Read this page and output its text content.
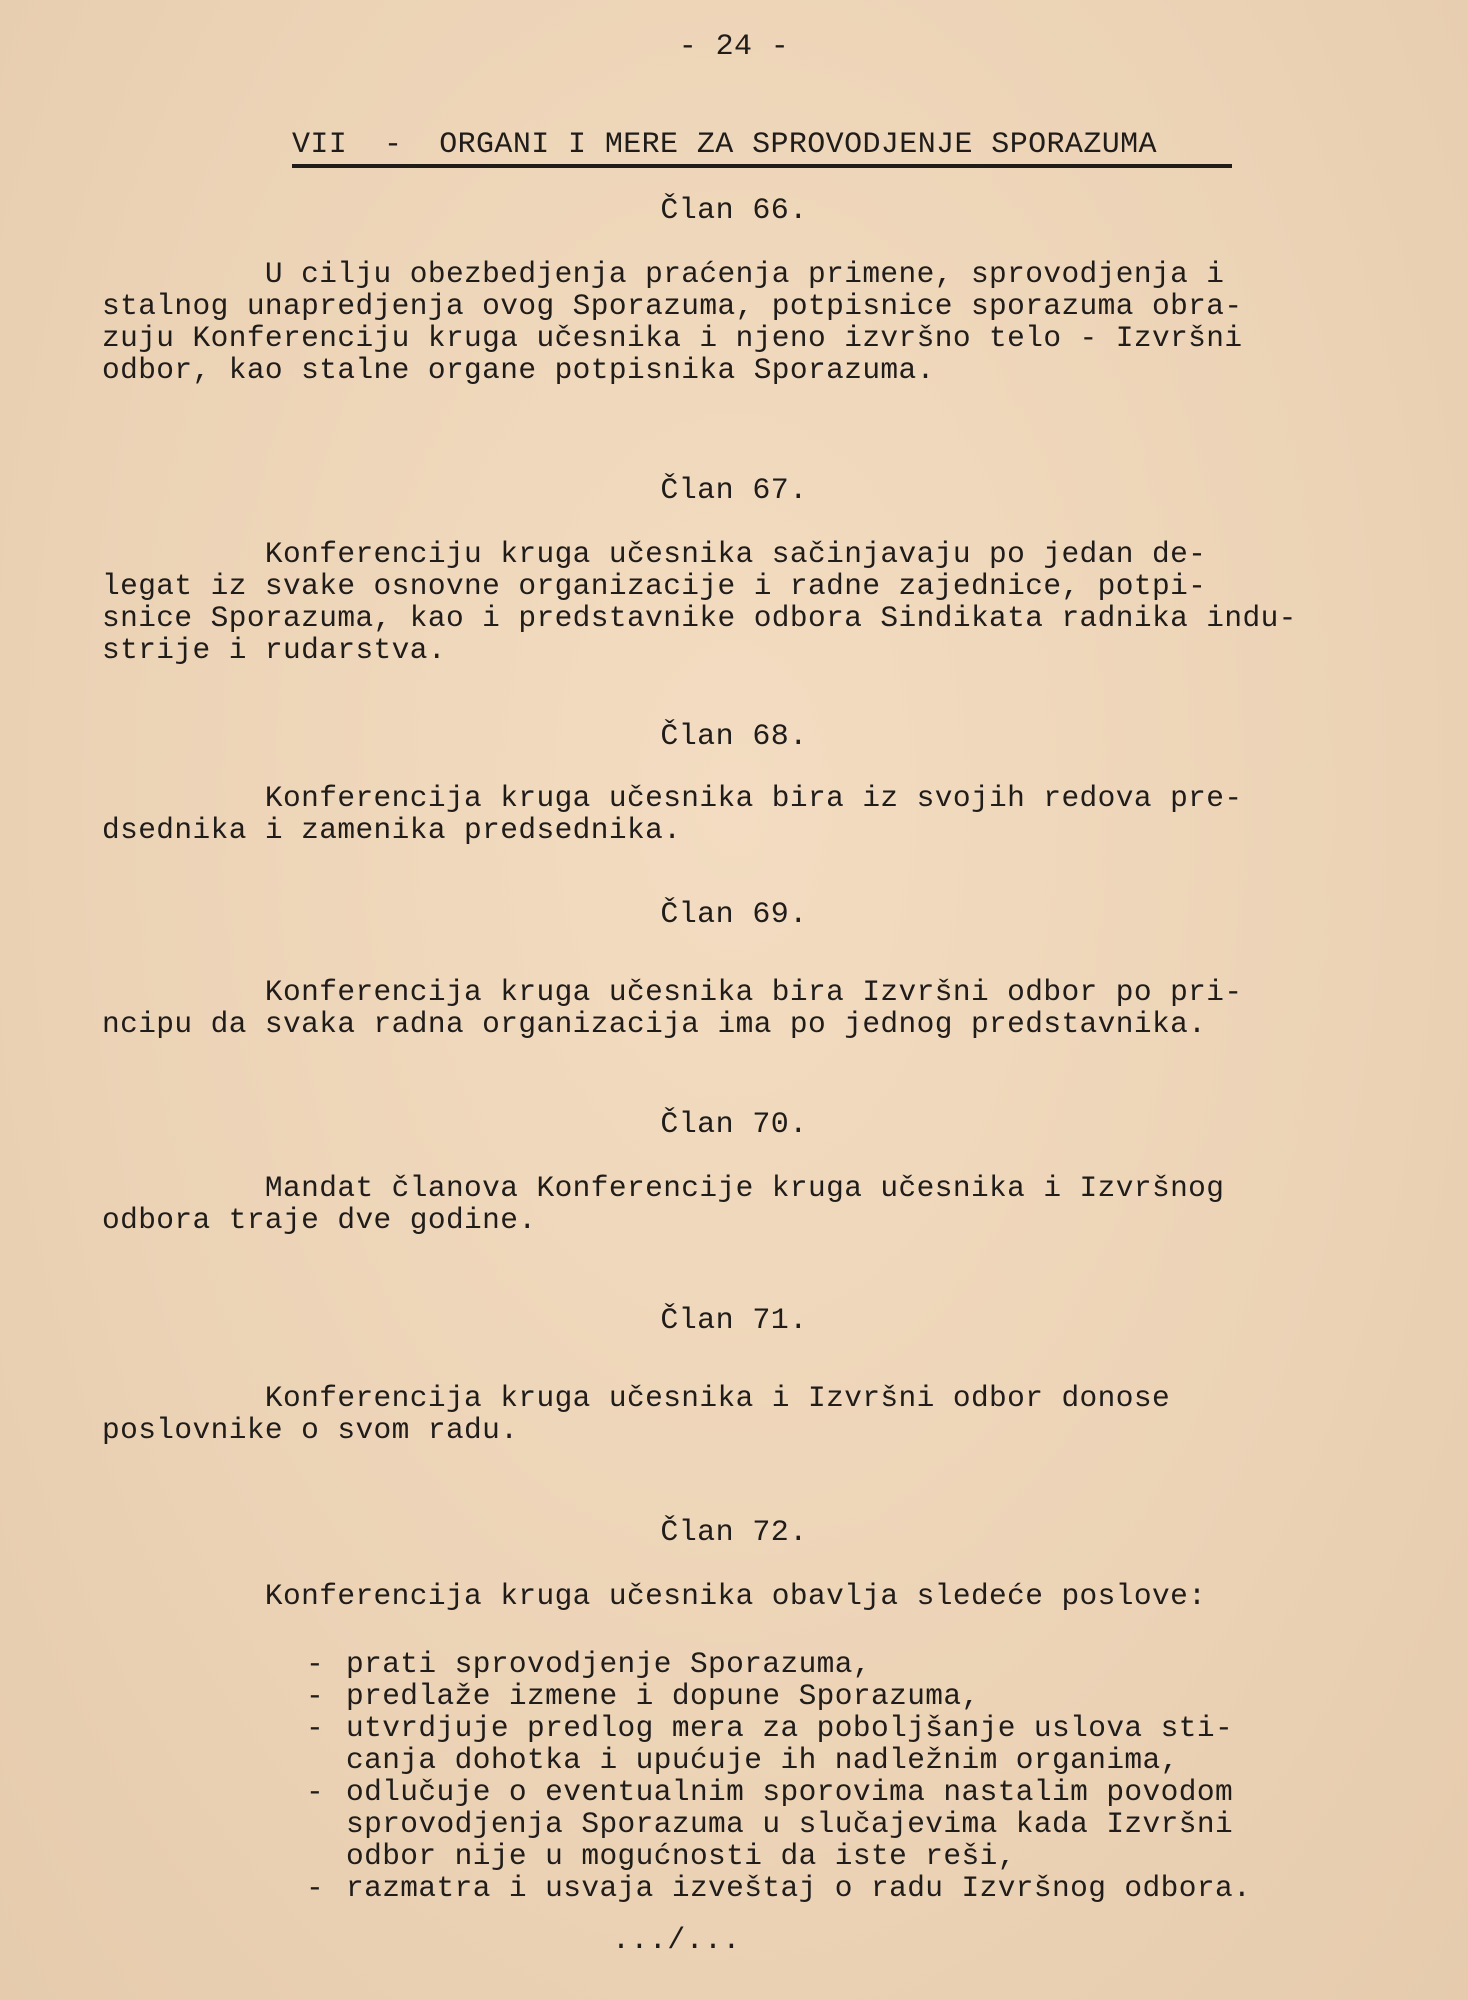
- 24 -
VII  -  ORGANI I MERE ZA SPROVODJENJE SPORAZUMA
Član 66.
U cilju obezbedjenja praćenja primene, sprovodjenja i
stalnog unapredjenja ovog Sporazuma, potpisnice sporazuma obra-
zuju Konferenciju kruga učesnika i njeno izvršno telo - Izvršni
odbor, kao stalne organe potpisnika Sporazuma.
Član 67.
Konferenciju kruga učesnika sačinjavaju po jedan de-
legat iz svake osnovne organizacije i radne zajednice, potpi-
snice Sporazuma, kao i predstavnike odbora Sindikata radnika indu-
strije i rudarstva.
Član 68.
Konferencija kruga učesnika bira iz svojih redova pre-
dsednika i zamenika predsednika.
Član 69.
Konferencija kruga učesnika bira Izvršni odbor po pri-
ncipu da svaka radna organizacija ima po jednog predstavnika.
Član 70.
Mandat članova Konferencije kruga učesnika i Izvršnog
odbora traje dve godine.
Član 71.
Konferencija kruga učesnika i Izvršni odbor donose
poslovnike o svom radu.
Član 72.
Konferencija kruga učesnika obavlja sledeće poslove:
- prati sprovodjenje Sporazuma,
- predlaže izmene i dopune Sporazuma,
- utvrdjuje predlog mera za poboljšanje uslova sti-
canja dohotka i upućuje ih nadležnim organima,
- odlučuje o eventualnim sporovima nastalim povodom
sprovodjenja Sporazuma u slučajevima kada Izvršni
odbor nije u mogućnosti da iste reši,
- razmatra i usvaja izveštaj o radu Izvršnog odbora.
.../...
